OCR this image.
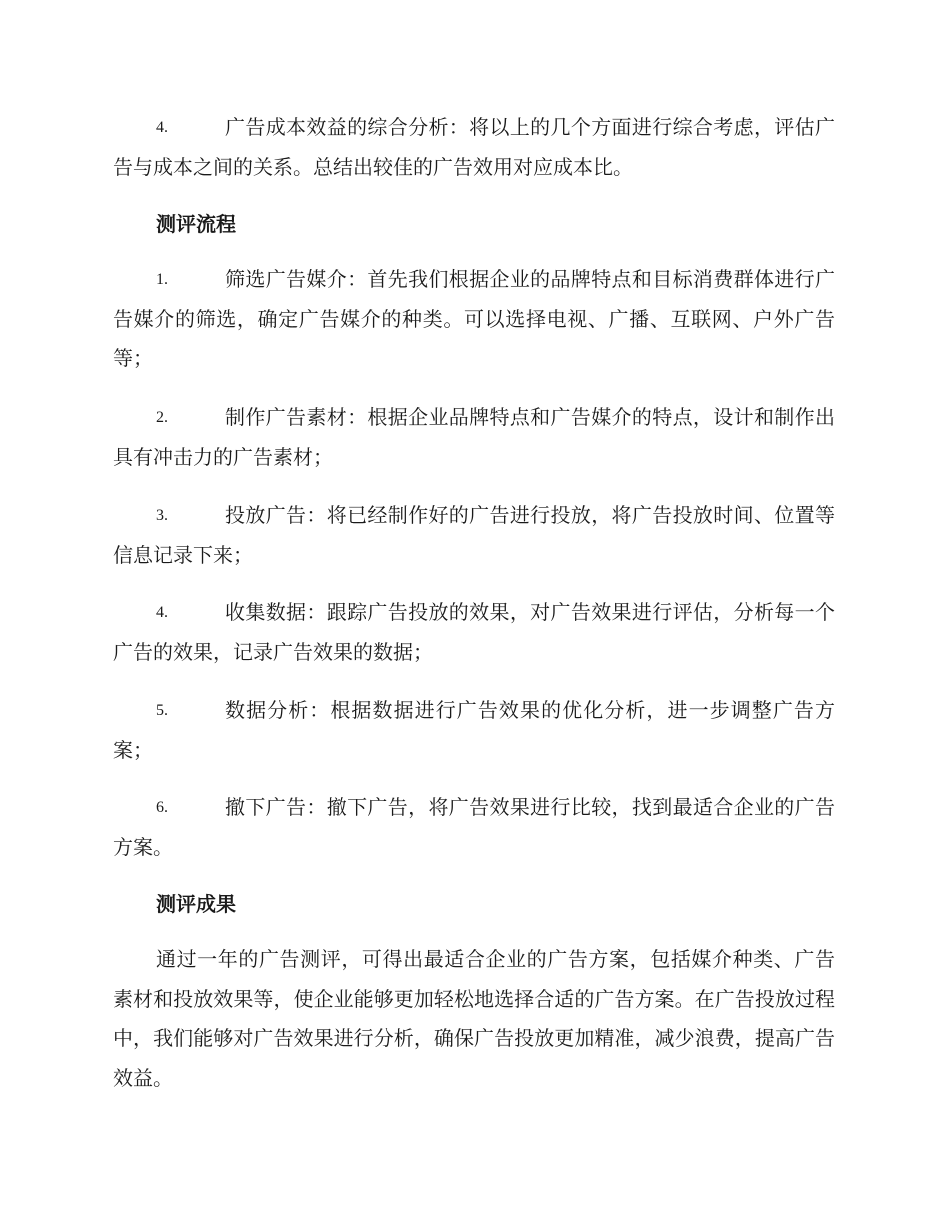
4.	广告成本效益的综合分析：将以上的几个方面进行综合考虑，评估广告与成本之间的关系。总结出较佳的广告效用对应成本比。

测评流程

1.	筛选广告媒介：首先我们根据企业的品牌特点和目标消费群体进行广告媒介的筛选，确定广告媒介的种类。可以选择电视、广播、互联网、户外广告等；

2.	制作广告素材：根据企业品牌特点和广告媒介的特点，设计和制作出具有冲击力的广告素材；

3.	投放广告：将已经制作好的广告进行投放，将广告投放时间、位置等信息记录下来；

4.	收集数据：跟踪广告投放的效果，对广告效果进行评估，分析每一个广告的效果，记录广告效果的数据；

5.	数据分析：根据数据进行广告效果的优化分析，进一步调整广告方案；

6.	撤下广告：撤下广告，将广告效果进行比较，找到最适合企业的广告方案。

测评成果

通过一年的广告测评，可得出最适合企业的广告方案，包括媒介种类、广告素材和投放效果等，使企业能够更加轻松地选择合适的广告方案。在广告投放过程中，我们能够对广告效果进行分析，确保广告投放更加精准，减少浪费，提高广告效益。
